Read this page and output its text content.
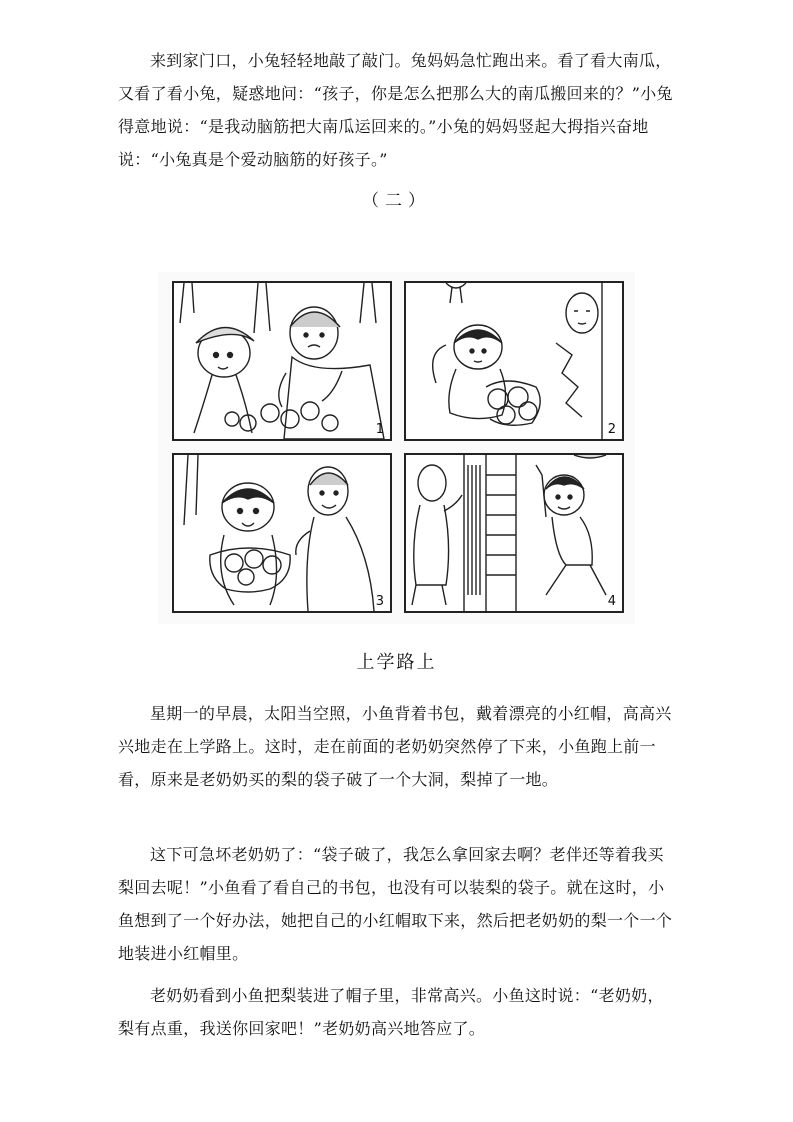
来到家门口，小兔轻轻地敲了敲门。兔妈妈急忙跑出来。看了看大南瓜，又看了看小兔，疑惑地问：“孩子，你是怎么把那么大的南瓜搬回来的？”小兔得意地说：“是我动脑筋把大南瓜运回来的。”小兔的妈妈竖起大拇指兴奋地说：“小兔真是个爱动脑筋的好孩子。”

（二）
1	2
3	4
上学路上

星期一的早晨，太阳当空照，小鱼背着书包，戴着漂亮的小红帽，高高兴兴地走在上学路上。这时，走在前面的老奶奶突然停了下来，小鱼跑上前一看，原来是老奶奶买的梨的袋子破了一个大洞，梨掉了一地。

这下可急坏老奶奶了：“袋子破了，我怎么拿回家去啊？老伴还等着我买梨回去呢！”小鱼看了看自己的书包，也没有可以装梨的袋子。就在这时，小鱼想到了一个好办法，她把自己的小红帽取下来，然后把老奶奶的梨一个一个地装进小红帽里。

老奶奶看到小鱼把梨装进了帽子里，非常高兴。小鱼这时说：“老奶奶，梨有点重，我送你回家吧！”老奶奶高兴地答应了。
